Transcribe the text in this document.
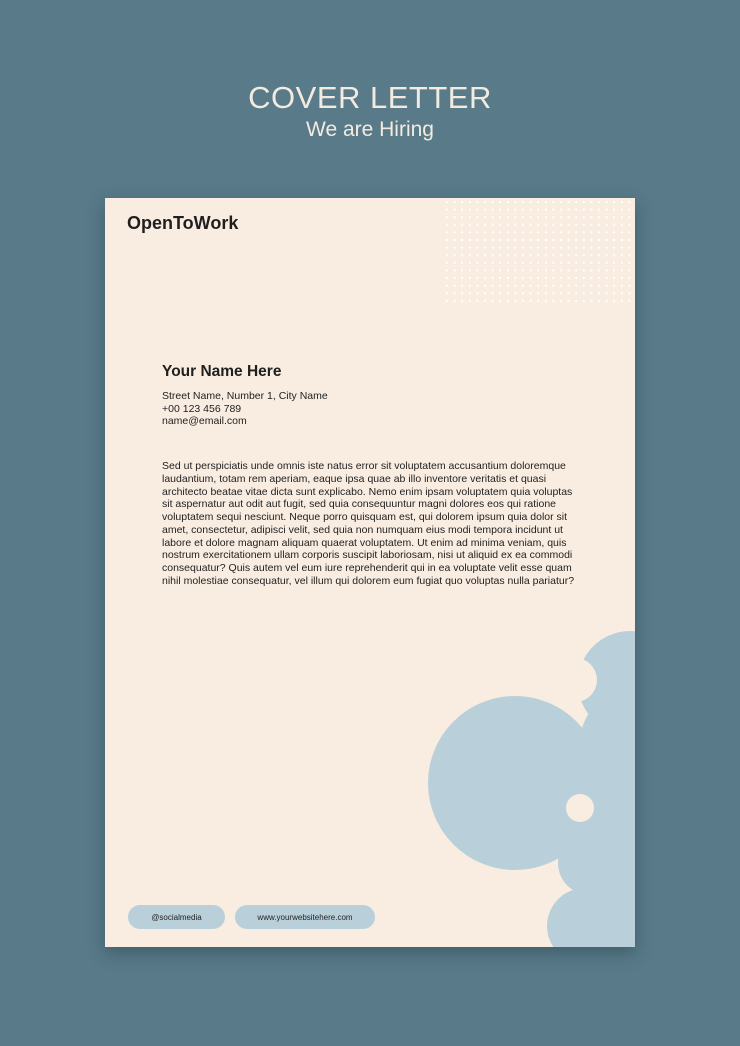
COVER LETTER
We are Hiring
OpenToWork
Your Name Here
Street Name, Number 1, City Name
+00 123 456 789
name@email.com

Sed ut perspiciatis unde omnis iste natus error sit voluptatem accusantium doloremque laudantium, totam rem aperiam, eaque ipsa quae ab illo inventore veritatis et quasi architecto beatae vitae dicta sunt explicabo. Nemo enim ipsam voluptatem quia voluptas sit aspernatur aut odit aut fugit, sed quia consequuntur magni dolores eos qui ratione voluptatem sequi nesciunt. Neque porro quisquam est, qui dolorem ipsum quia dolor sit amet, consectetur, adipisci velit, sed quia non numquam eius modi tempora incidunt ut labore et dolore magnam aliquam quaerat voluptatem. Ut enim ad minima veniam, quis nostrum exercitationem ullam corporis suscipit laboriosam, nisi ut aliquid ex ea commodi consequatur? Quis autem vel eum iure reprehenderit qui in ea voluptate velit esse quam nihil molestiae consequatur, vel illum qui dolorem eum fugiat quo voluptas nulla pariatur?

@socialmedia	www.yourwebsitehere.com
